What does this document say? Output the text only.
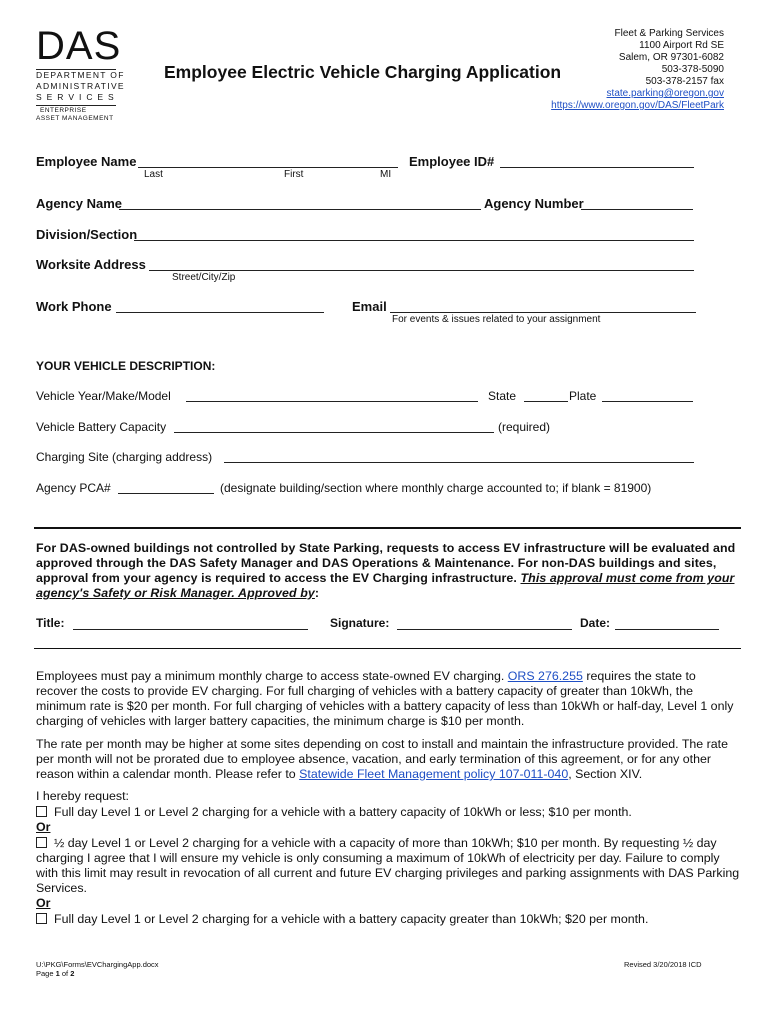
DAS
DEPARTMENT OF
ADMINISTRATIVE
S E R V I C E S
ENTERPRISE
ASSET MANAGEMENT
Employee Electric Vehicle Charging Application
Fleet & Parking Services
1100 Airport Rd SE
Salem, OR 97301-6082
503-378-5090
503-378-2157 fax
state.parking@oregon.gov
https://www.oregon.gov/DAS/FleetPark
Employee Name
Last	First	MI
Employee ID#
Agency Name	Agency Number
Division/Section
Worksite Address
Street/City/Zip
Work Phone	Email
For events & issues related to your assignment
YOUR VEHICLE DESCRIPTION:
Vehicle Year/Make/Model	State	Plate
Vehicle Battery Capacity	(required)
Charging Site (charging address)
Agency PCA#	(designate building/section where monthly charge accounted to; if blank = 81900)
For DAS-owned buildings not controlled by State Parking, requests to access EV infrastructure will be evaluated and approved through the DAS Safety Manager and DAS Operations & Maintenance. For non-DAS buildings and sites, approval from your agency is required to access the EV Charging infrastructure. This approval must come from your agency's Safety or Risk Manager. Approved by:
Title:	Signature:	Date:
Employees must pay a minimum monthly charge to access state-owned EV charging. ORS 276.255 requires the state to recover the costs to provide EV charging. For full charging of vehicles with a battery capacity of greater than 10kWh, the minimum rate is $20 per month. For full charging of vehicles with a battery capacity of less than 10kWh or half-day, Level 1 only charging of vehicles with larger battery capacities, the minimum charge is $10 per month.
The rate per month may be higher at some sites depending on cost to install and maintain the infrastructure provided. The rate per month will not be prorated due to employee absence, vacation, and early termination of this agreement, or for any other reason within a calendar month. Please refer to Statewide Fleet Management policy 107-011-040, Section XIV.
I hereby request:
Full day Level 1 or Level 2 charging for a vehicle with a battery capacity of 10kWh or less; $10 per month.
Or
½ day Level 1 or Level 2 charging for a vehicle with a capacity of more than 10kWh; $10 per month. By requesting ½ day charging I agree that I will ensure my vehicle is only consuming a maximum of 10kWh of electricity per day. Failure to comply with this limit may result in revocation of all current and future EV charging privileges and parking assignments with DAS Parking Services.
Or
Full day Level 1 or Level 2 charging for a vehicle with a battery capacity greater than 10kWh; $20 per month.
U:\PKG\Forms\EVChargingApp.docx
Page 1 of 2
Revised 3/20/2018 ICD
